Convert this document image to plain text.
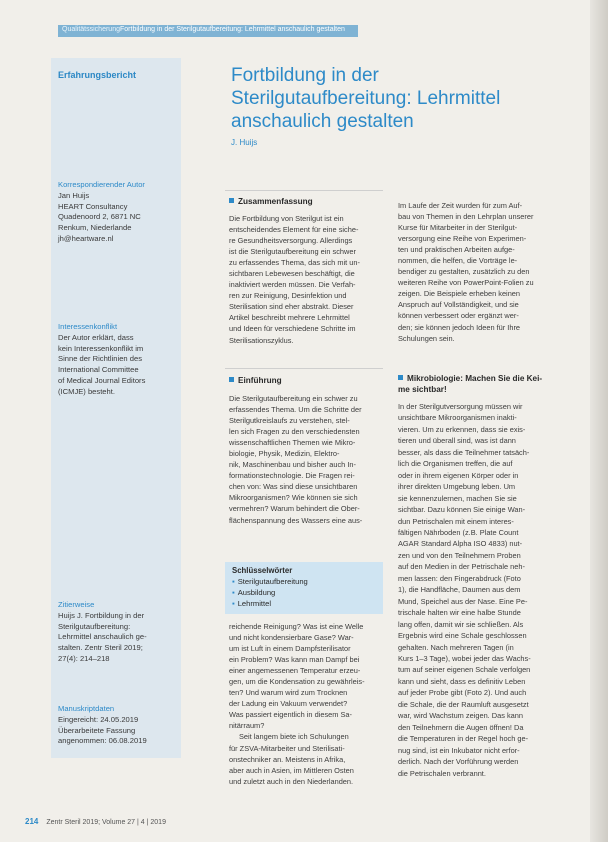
Qualitätssicherung Fortbildung in der Sterilgutaufbereitung: Lehrmittel anschaulich gestalten
Erfahrungsbericht	Fortbildung in der Sterilgutaufbereitung: Lehrmittel anschaulich gestalten
J. Huijs
Korrespondierender Autor
Jan Huijs
HEART Consultancy
Quadenoord 2, 6871 NC
Renkum, Niederlande
jh@heartware.nl
Interessenkonflikt
Der Autor erklärt, dass
kein Interessenkonflikt im
Sinne der Richtlinien des
International Committee
of Medical Journal Editors
(ICMJE) besteht.
Zitierweise
Huijs J. Fortbildung in der
Sterilgutaufbereitung:
Lehrmittel anschaulich ge-
stalten. Zentr Steril 2019;
27(4): 214–218
Manuskriptdaten
Eingereicht: 24.05.2019
Überarbeitete Fassung
angenommen: 06.08.2019
Zusammenfassung
Die Fortbildung von Sterilgut ist ein
entscheidendes Element für eine siche-
re Gesundheitsversorgung. Allerdings
ist die Sterilgutaufbereitung ein schwer
zu erfassendes Thema, das sich mit un-
sichtbaren Lebewesen beschäftigt, die
inaktiviert werden müssen. Die Verfah-
ren zur Reinigung, Desinfektion und
Sterilisation sind eher abstrakt. Dieser
Artikel beschreibt mehrere Lehrmittel
und Ideen für verschiedene Schritte im
Sterilisationszyklus.
Einführung
Die Sterilgutaufbereitung ein schwer zu
erfassendes Thema. Um die Schritte der
Sterilgutkreislaufs zu verstehen, stel-
len sich Fragen zu den verschiedensten
wissenschaftlichen Themen wie Mikro-
biologie, Physik, Medizin, Elektro-
nik, Maschinenbau und bisher auch In-
formationstechnologie. Die Fragen rei-
chen von: Was sind diese unsichtbaren
Mikroorganismen? Wie können sie sich
vermehren? Warum behindert die Ober-
flächenspannung des Wassers eine aus-
Schlüsselwörter
▪ Sterilgutaufbereitung
▪ Ausbildung
▪ Lehrmittel
reichende Reinigung? Was ist eine Welle
und nicht kondensierbare Gase? War-
um ist Luft in einem Dampfsterilisator
ein Problem? Was kann man Dampf bei
einer angemessenen Temperatur erzeu-
gen, um die Kondensation zu gewährleis-
ten? Und warum wird zum Trocknen
der Ladung ein Vakuum verwendet?
Was passiert eigentlich in diesem Sa-
nitärraum?
Seit langem biete ich Schulungen
für ZSVA-Mitarbeiter und Sterilisati-
onstechniker an. Meistens in Afrika,
aber auch in Asien, im Mittleren Osten
und zuletzt auch in den Niederlanden.
Im Laufe der Zeit wurden für zum Auf-
bau von Themen in den Lehrplan unserer
Kurse für Mitarbeiter in der Sterilgut-
versorgung eine Reihe von Experimen-
ten und praktischen Arbeiten aufge-
nommen, die helfen, die Vorträge le-
bendiger zu gestalten, zusätzlich zu den
weiteren Reihe von PowerPoint-Folien zu
zeigen. Die Beispiele erheben keinen
Anspruch auf Vollständigkeit, und sie
können verbessert oder ergänzt wer-
den; sie können jedoch Ideen für Ihre
Schulungen sein.
Mikrobiologie: Machen Sie die Kei-
me sichtbar!
In der Sterilgutversorgung müssen wir
unsichtbare Mikroorganismen inakti-
vieren. Um zu erkennen, dass sie exis-
tieren und überall sind, was ist dann
besser, als dass die Teilnehmer tatsäch-
lich die Organismen treffen, die auf
oder in ihrem eigenen Körper oder in
ihrer direkten Umgebung leben. Um
sie kennenzulernen, machen Sie sie
sichtbar. Dazu können Sie einige Wan-
dun Petrischalen mit einem interes-
fältigen Nährboden (z.B. Plate Count
AGAR Standard Alpha ISO 4833) nut-
zen und von den Teilnehmern Proben
auf den Medien in der Petrischale neh-
men lassen: den Fingerabdruck (Foto
1), die Handfläche, Daumen aus dem
Mund, Speichel aus der Nase. Eine Pe-
trischale halten wir eine halbe Stunde
lang offen, damit wir sie schließen. Als
Ergebnis wird eine Schale geschlossen
gehalten. Nach mehreren Tagen (in
Kurs 1–3 Tage), wobei jeder das Wachs-
tum auf seiner eigenen Schale verfolgen
kann und sieht, dass es definitiv Leben
auf jeder Probe gibt (Foto 2). Und auch
die Schale, die der Raumluft ausgesetzt
war, wird Wachstum zeigen. Das kann
den Teilnehmern die Augen öffnen! Da
die Temperaturen in der Regel hoch ge-
nug sind, ist ein Inkubator nicht erfor-
derlich. Nach der Vorführung werden
die Petrischalen verbrannt.
214 Zentr Steril 2019; Volume 27 | 4 | 2019
